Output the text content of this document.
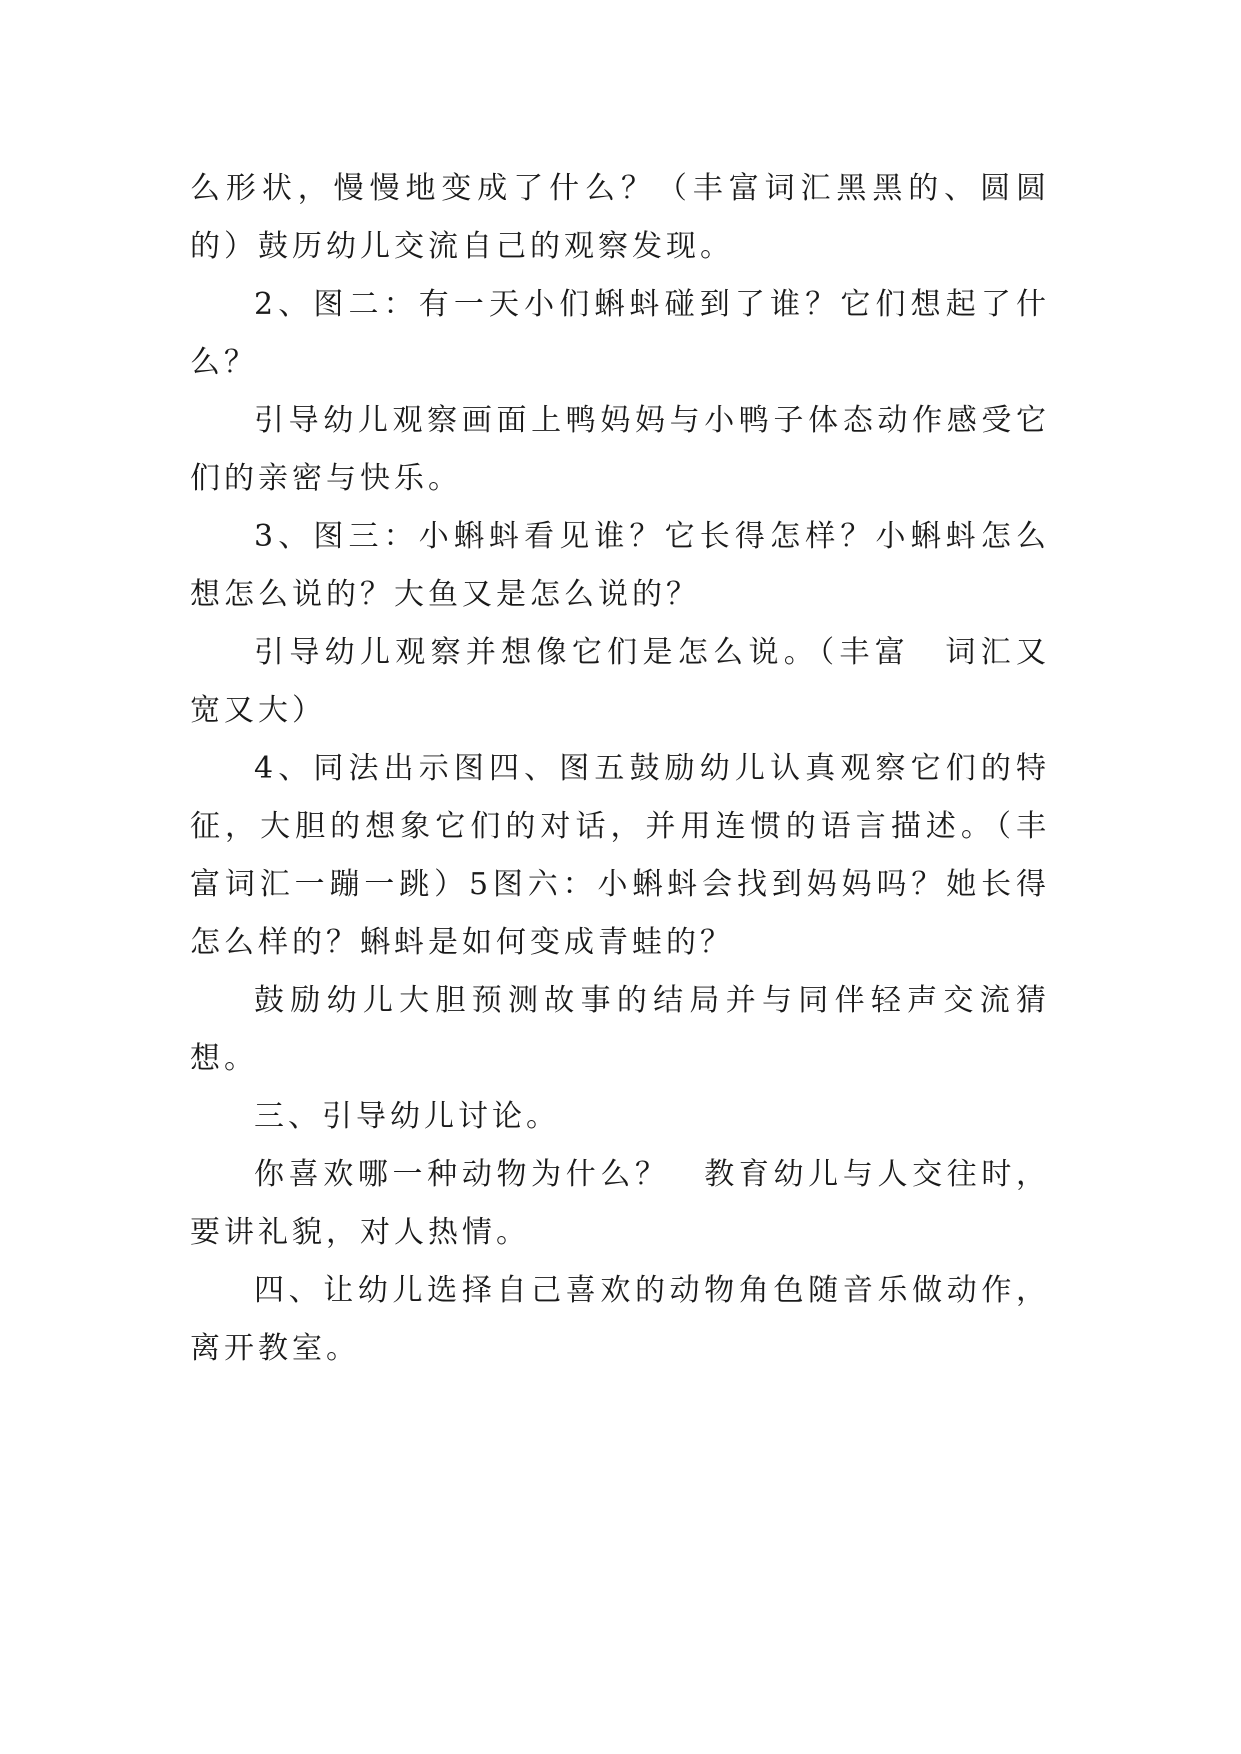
么形状，慢慢地变成了什么？（丰富词汇黑黑的、圆圆的）鼓历幼儿交流自己的观察发现。

2、图二：有一天小们蝌蚪碰到了谁？它们想起了什么？

引导幼儿观察画面上鸭妈妈与小鸭子体态动作感受它们的亲密与快乐。

3、图三：小蝌蚪看见谁？它长得怎样？小蝌蚪怎么想怎么说的？大鱼又是怎么说的？

引导幼儿观察并想像它们是怎么说。（丰富　词汇又宽又大）

4、同法出示图四、图五鼓励幼儿认真观察它们的特征，大胆的想象它们的对话，并用连惯的语言描述。（丰富词汇一蹦一跳）5图六：小蝌蚪会找到妈妈吗？她长得怎么样的？蝌蚪是如何变成青蛙的？

鼓励幼儿大胆预测故事的结局并与同伴轻声交流猜想。

三、引导幼儿讨论。

你喜欢哪一种动物为什么？　教育幼儿与人交往时，要讲礼貌，对人热情。

四、让幼儿选择自己喜欢的动物角色随音乐做动作，离开教室。
